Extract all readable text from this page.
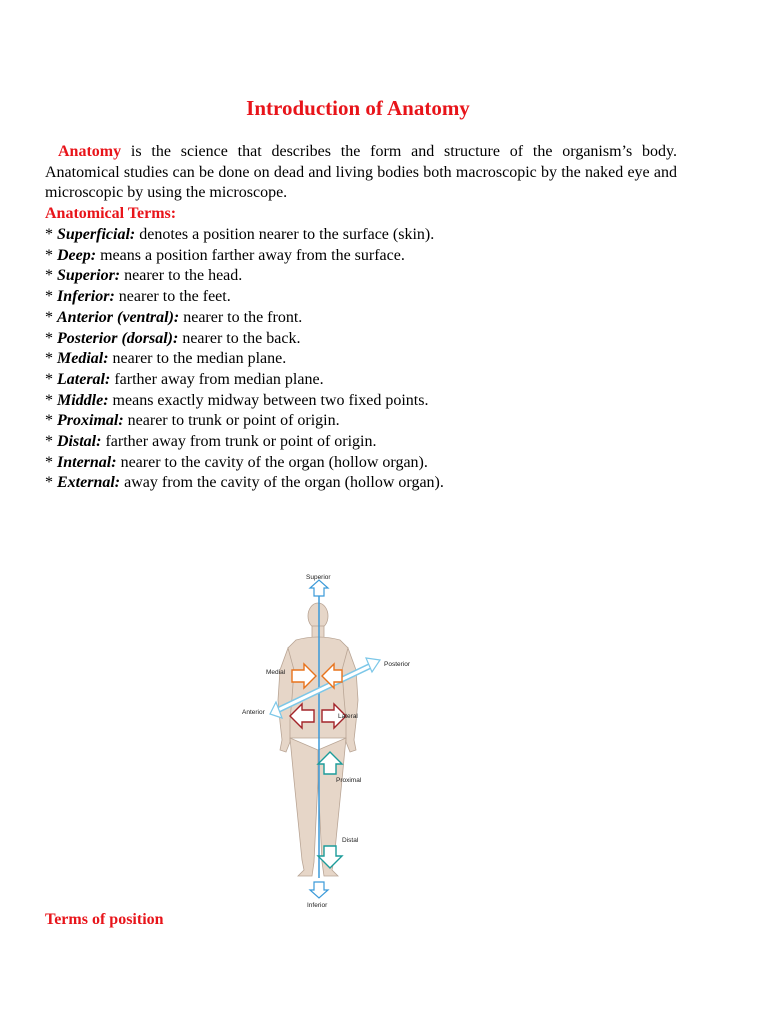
Introduction of Anatomy

Anatomy is the science that describes the form and structure of the organism’s body. Anatomical studies can be done on dead and living bodies both macroscopic by the naked eye and microscopic by using the microscope.

Anatomical Terms:
* Superficial: denotes a position nearer to the surface (skin).
* Deep: means a position farther away from the surface.
* Superior: nearer to the head.
* Inferior: nearer to the feet.
* Anterior (ventral): nearer to the front.
* Posterior (dorsal): nearer to the back.
* Medial: nearer to the median plane.
* Lateral: farther away from median plane.
* Middle: means exactly midway between two fixed points.
* Proximal: nearer to trunk or point of origin.
* Distal: farther away from trunk or point of origin.
* Internal: nearer to the cavity of the organ (hollow organ).
* External: away from the cavity of the organ (hollow organ).
Superior
Inferior
Posterior
Anterior
Medial
Lateral
Proximal
Distal
Terms of position
